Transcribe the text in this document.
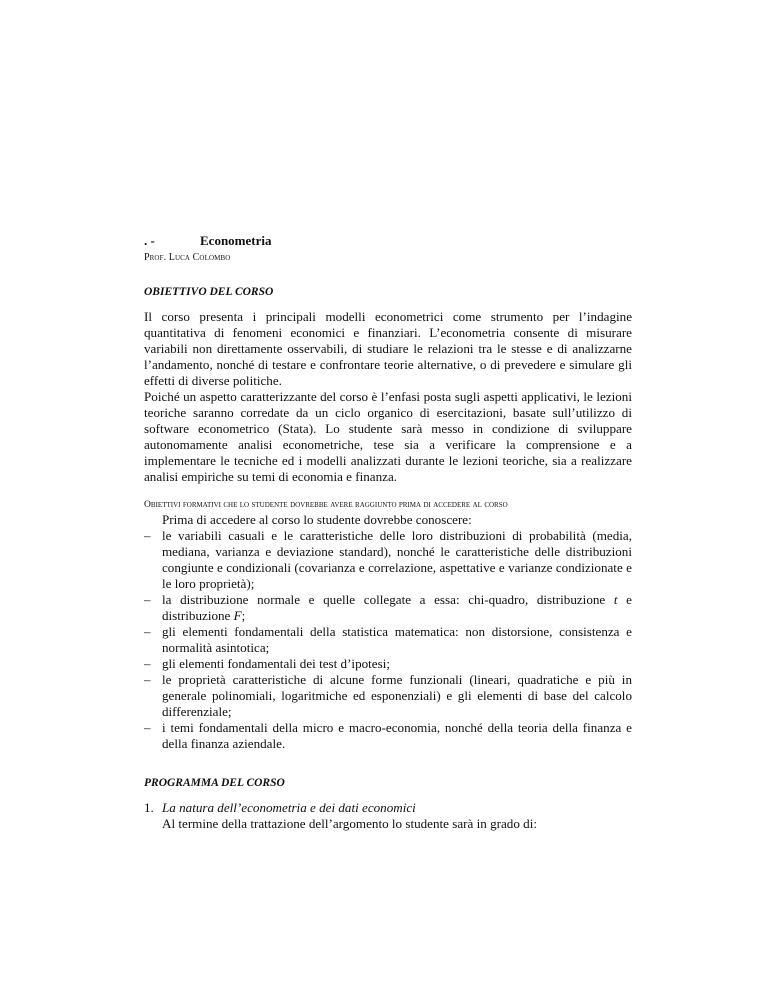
. -	Econometria
Prof. Luca Colombo
OBIETTIVO DEL CORSO

Il corso presenta i principali modelli econometrici come strumento per l’indagine quantitativa di fenomeni economici e finanziari. L’econometria consente di misurare variabili non direttamente osservabili, di studiare le relazioni tra le stesse e di analizzarne l’andamento, nonché di testare e confrontare teorie alternative, o di prevedere e simulare gli effetti di diverse politiche.

Poiché un aspetto caratterizzante del corso è l’enfasi posta sugli aspetti applicativi, le lezioni teoriche saranno corredate da un ciclo organico di esercitazioni, basate sull’utilizzo di software econometrico (Stata). Lo studente sarà messo in condizione di sviluppare autonomamente analisi econometriche, tese sia a verificare la comprensione e a implementare le tecniche ed i modelli analizzati durante le lezioni teoriche, sia a realizzare analisi empiriche su temi di economia e finanza.

Obiettivi formativi che lo studente dovrebbe avere raggiunto prima di accedere al corso

Prima di accedere al corso lo studente dovrebbe conoscere:

– le variabili casuali e le caratteristiche delle loro distribuzioni di probabilità (media, mediana, varianza e deviazione standard), nonché le caratteristiche delle distribuzioni congiunte e condizionali (covarianza e correlazione, aspettative e varianze condizionate e le loro proprietà);
– la distribuzione normale e quelle collegate a essa: chi-quadro, distribuzione t e distribuzione F;
– gli elementi fondamentali della statistica matematica: non distorsione, consistenza e normalità asintotica;
– gli elementi fondamentali dei test d’ipotesi;
– le proprietà caratteristiche di alcune forme funzionali (lineari, quadratiche e più in generale polinomiali, logaritmiche ed esponenziali) e gli elementi di base del calcolo differenziale;
– i temi fondamentali della micro e macro-economia, nonché della teoria della finanza e della finanza aziendale.
PROGRAMMA DEL CORSO
1. La natura dell’econometria e dei dati economici
Al termine della trattazione dell’argomento lo studente sarà in grado di:
